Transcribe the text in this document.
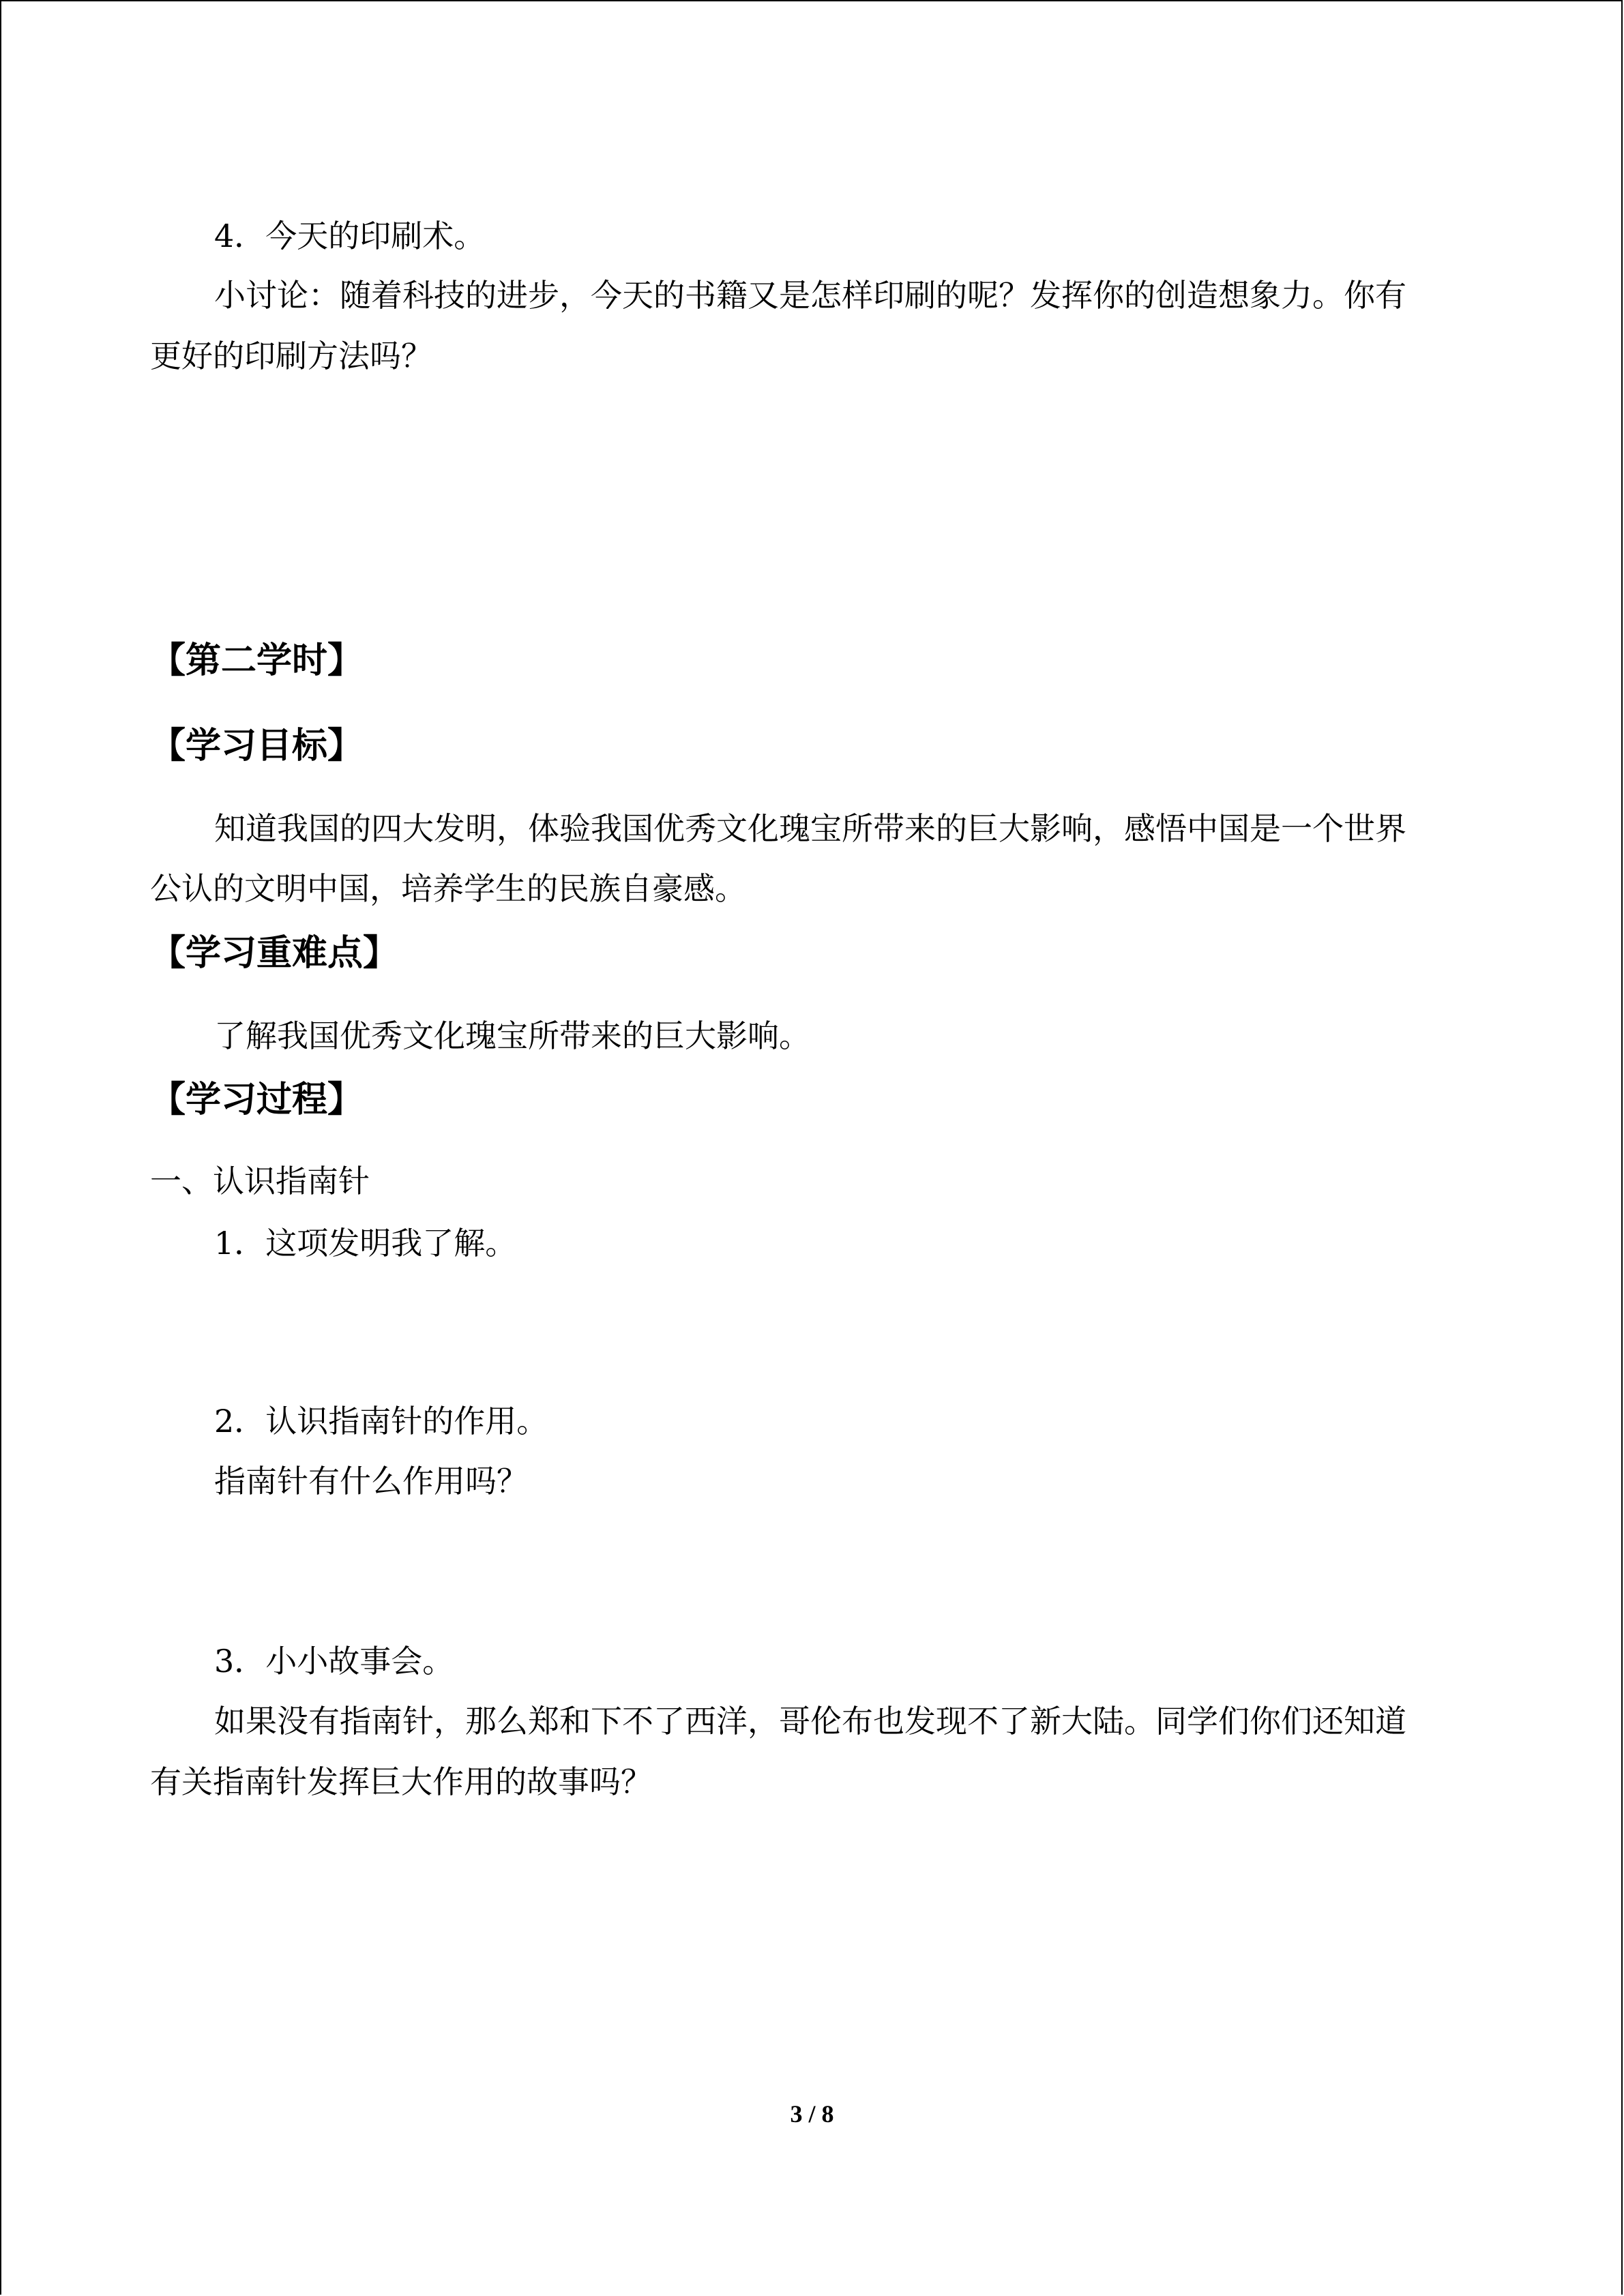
4．今天的印刷术。

小讨论：随着科技的进步，今天的书籍又是怎样印刷的呢？发挥你的创造想象力。你有

更好的印刷方法吗？

【第二学时】
【学习目标】

知道我国的四大发明，体验我国优秀文化瑰宝所带来的巨大影响，感悟中国是一个世界

公认的文明中国，培养学生的民族自豪感。

【学习重难点】

了解我国优秀文化瑰宝所带来的巨大影响。

【学习过程】

一、认识指南针

1．这项发明我了解。

2．认识指南针的作用。

指南针有什么作用吗？

3．小小故事会。

如果没有指南针，那么郑和下不了西洋，哥伦布也发现不了新大陆。同学们你们还知道

有关指南针发挥巨大作用的故事吗？

3 / 8
